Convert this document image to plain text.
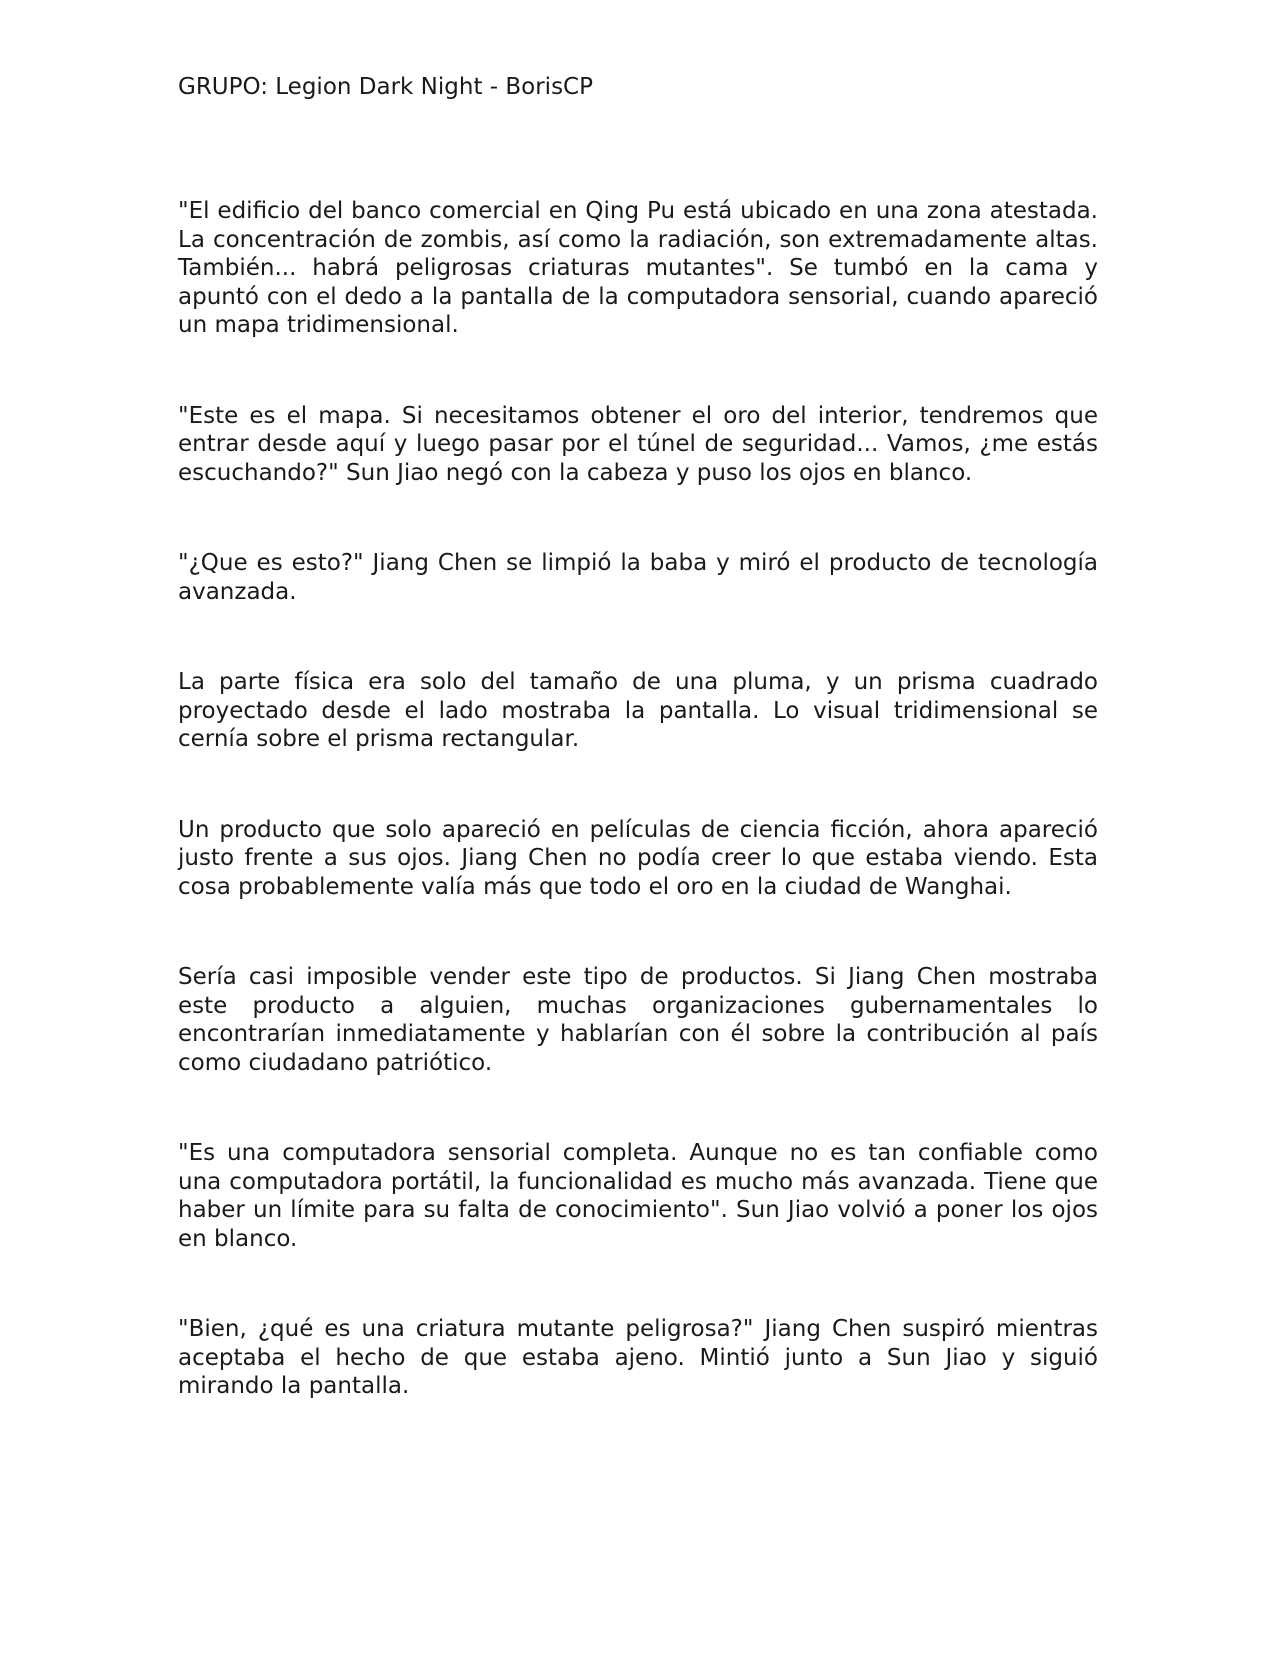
GRUPO: Legion Dark Night - BorisCP

"El edificio del banco comercial en Qing Pu está ubicado en una zona atestada. La concentración de zombis, así como la radiación, son extremadamente altas. También... habrá peligrosas criaturas mutantes". Se tumbó en la cama y apuntó con el dedo a la pantalla de la computadora sensorial, cuando apareció un mapa tridimensional.

"Este es el mapa. Si necesitamos obtener el oro del interior, tendremos que entrar desde aquí y luego pasar por el túnel de seguridad... Vamos, ¿me estás escuchando?" Sun Jiao negó con la cabeza y puso los ojos en blanco.

"¿Que es esto?" Jiang Chen se limpió la baba y miró el producto de tecnología avanzada.

La parte física era solo del tamaño de una pluma, y un prisma cuadrado proyectado desde el lado mostraba la pantalla. Lo visual tridimensional se cernía sobre el prisma rectangular.

Un producto que solo apareció en películas de ciencia ficción, ahora apareció justo frente a sus ojos. Jiang Chen no podía creer lo que estaba viendo. Esta cosa probablemente valía más que todo el oro en la ciudad de Wanghai.

Sería casi imposible vender este tipo de productos. Si Jiang Chen mostraba este producto a alguien, muchas organizaciones gubernamentales lo encontrarían inmediatamente y hablarían con él sobre la contribución al país como ciudadano patriótico.

"Es una computadora sensorial completa. Aunque no es tan confiable como una computadora portátil, la funcionalidad es mucho más avanzada. Tiene que haber un límite para su falta de conocimiento". Sun Jiao volvió a poner los ojos en blanco.

"Bien, ¿qué es una criatura mutante peligrosa?" Jiang Chen suspiró mientras aceptaba el hecho de que estaba ajeno. Mintió junto a Sun Jiao y siguió mirando la pantalla.
